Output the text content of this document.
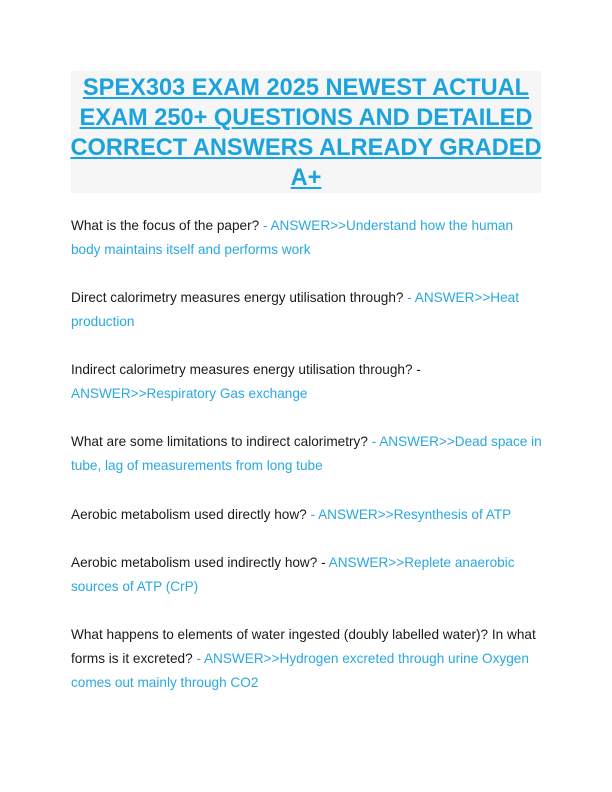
SPEX303 EXAM 2025 NEWEST ACTUAL EXAM 250+ QUESTIONS AND DETAILED CORRECT ANSWERS ALREADY GRADED A+

What is the focus of the paper? - ANSWER>>Understand how the human body maintains itself and performs work

Direct calorimetry measures energy utilisation through? - ANSWER>>Heat production

Indirect calorimetry measures energy utilisation through? -
ANSWER>>Respiratory Gas exchange

What are some limitations to indirect calorimetry? - ANSWER>>Dead space in tube, lag of measurements from long tube

Aerobic metabolism used directly how? - ANSWER>>Resynthesis of ATP

Aerobic metabolism used indirectly how? - ANSWER>>Replete anaerobic sources of ATP (CrP)

What happens to elements of water ingested (doubly labelled water)? In what forms is it excreted? - ANSWER>>Hydrogen excreted through urine Oxygen comes out mainly through CO2
